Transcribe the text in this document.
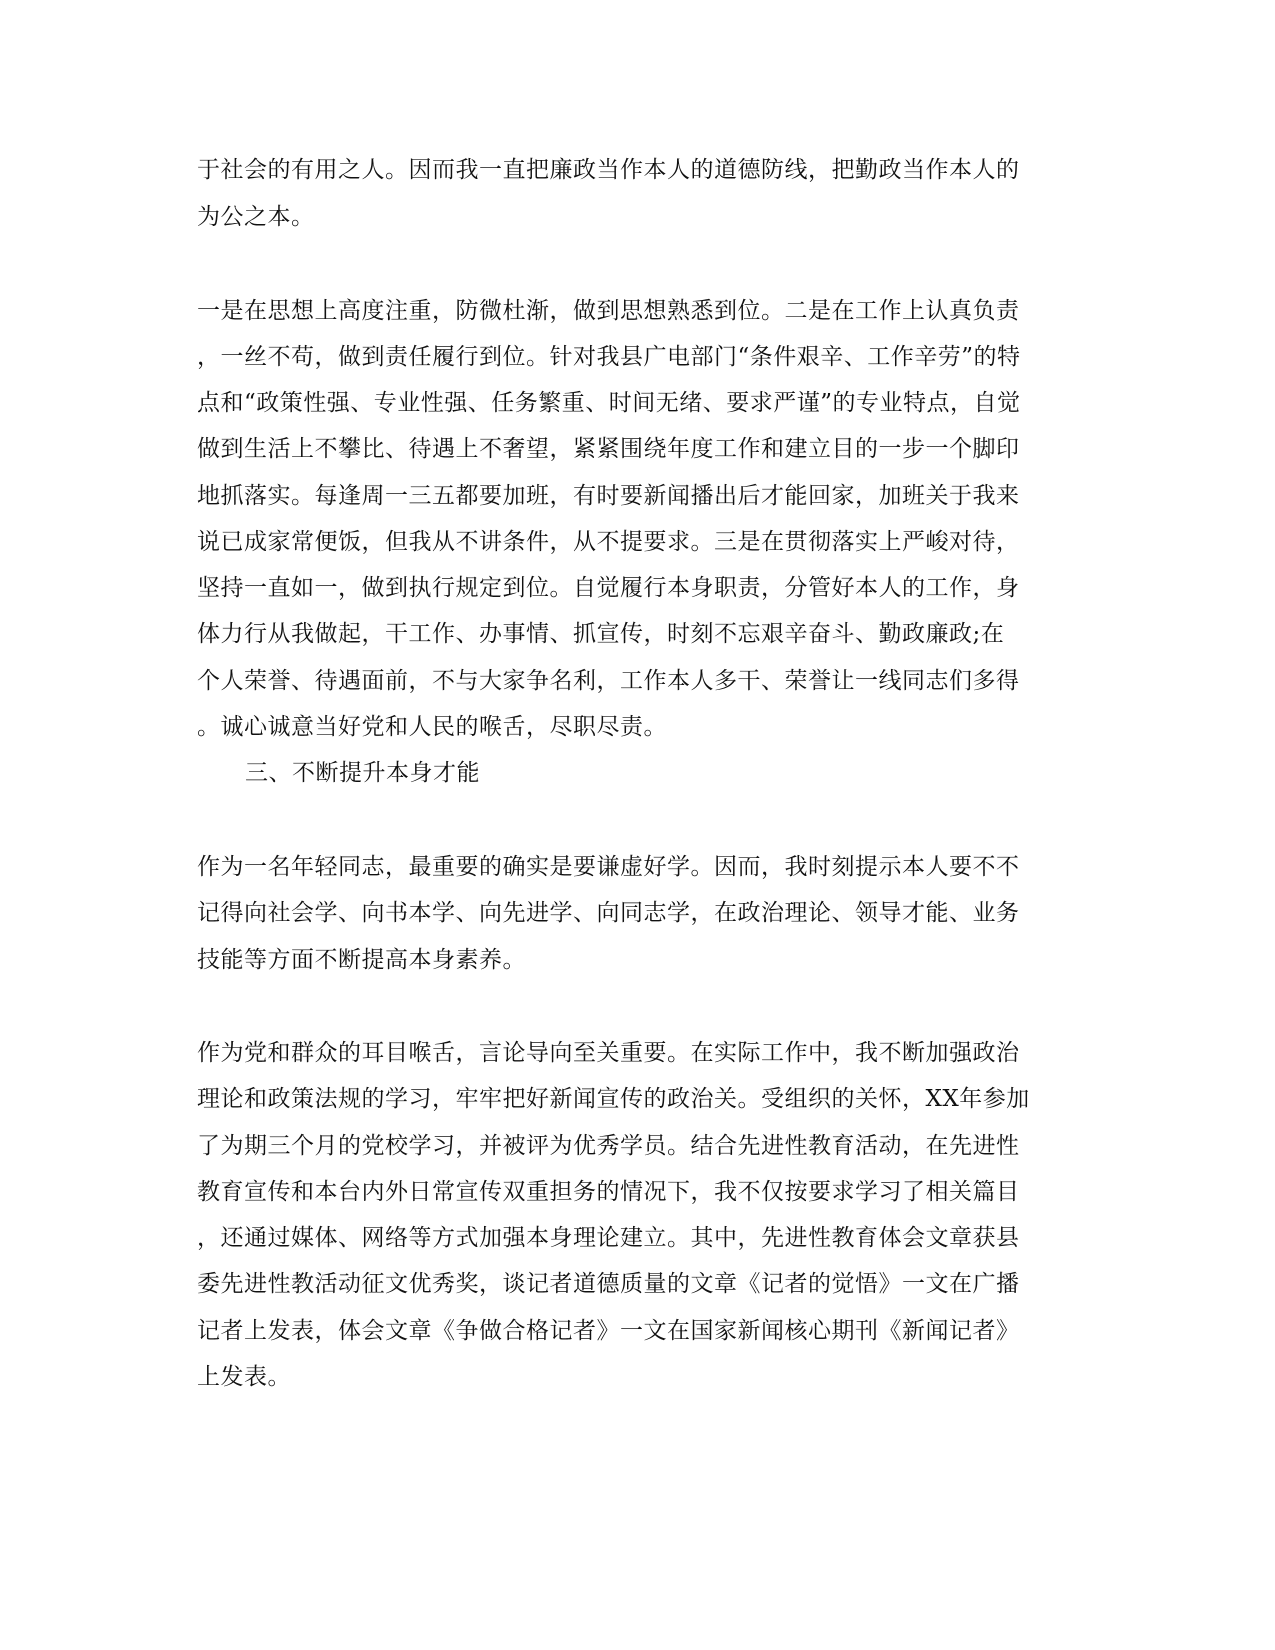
于社会的有用之人。因而我一直把廉政当作本人的道德防线，把勤政当作本人的
为公之本。
一是在思想上高度注重，防微杜渐，做到思想熟悉到位。二是在工作上认真负责
，一丝不苟，做到责任履行到位。针对我县广电部门“条件艰辛、工作辛劳”的特
点和“政策性强、专业性强、任务繁重、时间无绪、要求严谨”的专业特点，自觉
做到生活上不攀比、待遇上不奢望，紧紧围绕年度工作和建立目的一步一个脚印
地抓落实。每逢周一三五都要加班，有时要新闻播出后才能回家，加班关于我来
说已成家常便饭，但我从不讲条件，从不提要求。三是在贯彻落实上严峻对待，
坚持一直如一，做到执行规定到位。自觉履行本身职责，分管好本人的工作，身
体力行从我做起，干工作、办事情、抓宣传，时刻不忘艰辛奋斗、勤政廉政;在
个人荣誉、待遇面前，不与大家争名利，工作本人多干、荣誉让一线同志们多得
。诚心诚意当好党和人民的喉舌，尽职尽责。
三、不断提升本身才能
作为一名年轻同志，最重要的确实是要谦虚好学。因而，我时刻提示本人要不不
记得向社会学、向书本学、向先进学、向同志学，在政治理论、领导才能、业务
技能等方面不断提高本身素养。
作为党和群众的耳目喉舌，言论导向至关重要。在实际工作中，我不断加强政治
理论和政策法规的学习，牢牢把好新闻宣传的政治关。受组织的关怀，XX年参加
了为期三个月的党校学习，并被评为优秀学员。结合先进性教育活动，在先进性
教育宣传和本台内外日常宣传双重担务的情况下，我不仅按要求学习了相关篇目
，还通过媒体、网络等方式加强本身理论建立。其中，先进性教育体会文章获县
委先进性教活动征文优秀奖，谈记者道德质量的文章《记者的觉悟》一文在广播
记者上发表，体会文章《争做合格记者》一文在国家新闻核心期刊《新闻记者》
上发表。
